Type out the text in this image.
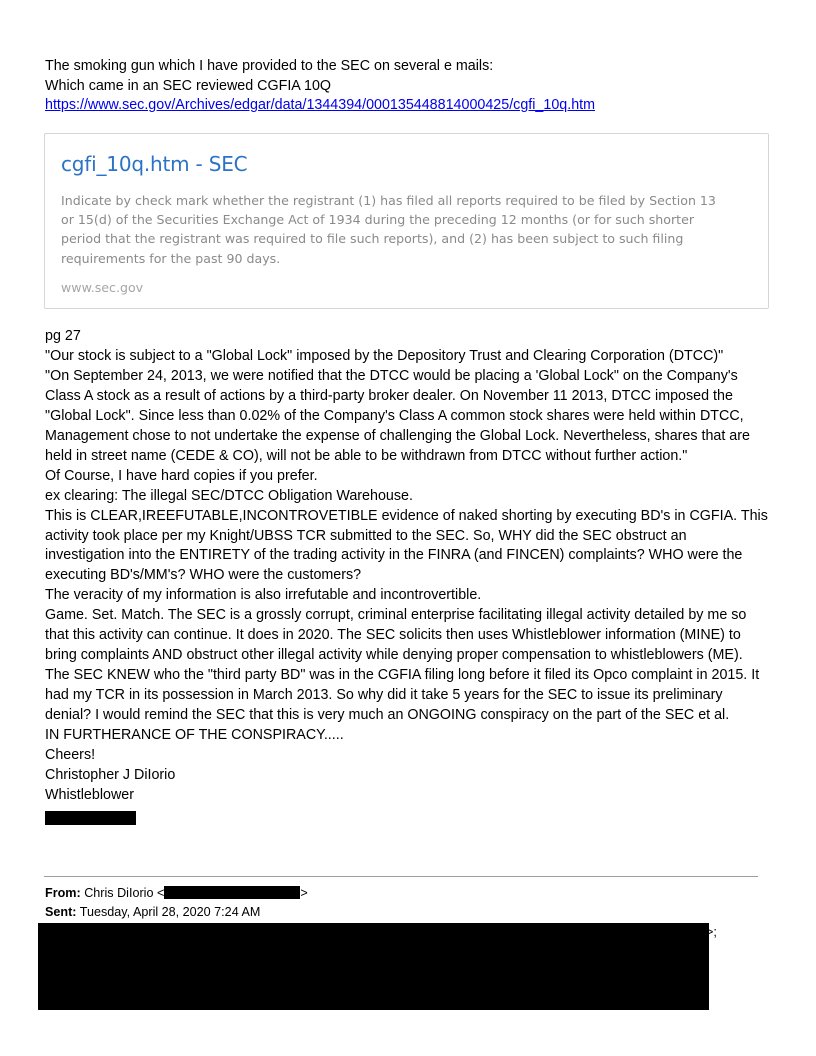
The smoking gun which I have provided to the SEC on several e mails:
Which came in an SEC reviewed CGFIA 10Q
https://www.sec.gov/Archives/edgar/data/1344394/000135448814000425/cgfi_10q.htm
cgfi_10q.htm - SEC
Indicate by check mark whether the registrant (1) has filed all reports required to be filed by Section 13 or 15(d) of the Securities Exchange Act of 1934 during the preceding 12 months (or for such shorter period that the registrant was required to file such reports), and (2) has been subject to such filing requirements for the past 90 days.
www.sec.gov
pg 27
"Our stock is subject to a "Global Lock" imposed by the Depository Trust and Clearing Corporation (DTCC)"
"On September 24, 2013, we were notified that the DTCC would be placing a 'Global Lock" on the Company's
Class A stock as a result of actions by a third-party broker dealer. On November 11 2013, DTCC imposed the
"Global Lock". Since less than 0.02% of the Company's Class A common stock shares were held within DTCC,
Management chose to not undertake the expense of challenging the Global Lock. Nevertheless, shares that are
held in street name (CEDE & CO), will not be able to be withdrawn from DTCC without further action."
Of Course, I have hard copies if you prefer.
ex clearing: The illegal SEC/DTCC Obligation Warehouse.
This is CLEAR,IREEFUTABLE,INCONTROVETIBLE evidence of naked shorting by executing BD's in CGFIA. This
activity took place per my Knight/UBSS TCR submitted to the SEC. So, WHY did the SEC obstruct an
investigation into the ENTIRETY of the trading activity in the FINRA (and FINCEN) complaints? WHO were the
executing BD's/MM's? WHO were the customers?
The veracity of my information is also irrefutable and incontrovertible.
Game. Set. Match. The SEC is a grossly corrupt, criminal enterprise facilitating illegal activity detailed by me so
that this activity can continue. It does in 2020. The SEC solicits then uses Whistleblower information (MINE) to
bring complaints AND obstruct other illegal activity while denying proper compensation to whistleblowers (ME).
The SEC KNEW who the "third party BD" was in the CGFIA filing long before it filed its Opco complaint in 2015. It
had my TCR in its possession in March 2013. So why did it take 5 years for the SEC to issue its preliminary
denial? I would remind the SEC that this is very much an ONGOING conspiracy on the part of the SEC et al.
IN FURTHERANCE OF THE CONSPIRACY.....
Cheers!
Christopher J DiIorio
Whistleblower
From: Chris DiIorio <	>
Sent: Tuesday, April 28, 2020 7:24 AM
>;
